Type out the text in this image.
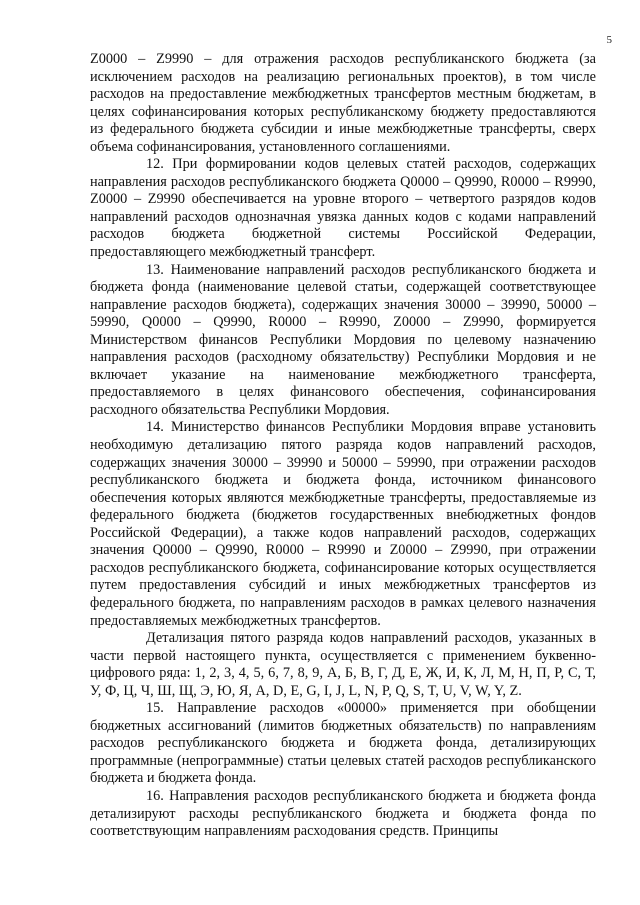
5

Z0000 – Z9990 – для отражения расходов республиканского бюджета (за исключением расходов на реализацию региональных проектов), в том числе расходов на предоставление межбюджетных трансфертов местным бюджетам, в целях софинансирования которых республиканскому бюджету предоставляются из федерального бюджета субсидии и иные межбюджетные трансферты, сверх объема софинансирования, установленного соглашениями.

12. При формировании кодов целевых статей расходов, содержащих направления расходов республиканского бюджета Q0000 – Q9990, R0000 – R9990, Z0000 – Z9990 обеспечивается на уровне второго – четвертого разрядов кодов направлений расходов однозначная увязка данных кодов с кодами направлений расходов бюджета бюджетной системы Российской Федерации, предоставляющего межбюджетный трансферт.

13. Наименование направлений расходов республиканского бюджета и бюджета фонда (наименование целевой статьи, содержащей соответствующее направление расходов бюджета), содержащих значения 30000 – 39990, 50000 – 59990, Q0000 – Q9990, R0000 – R9990, Z0000 – Z9990, формируется Министерством финансов Республики Мордовия по целевому назначению направления расходов (расходному обязательству) Республики Мордовия и не включает указание на наименование межбюджетного трансферта, предоставляемого в целях финансового обеспечения, софинансирования расходного обязательства Республики Мордовия.

14. Министерство финансов Республики Мордовия вправе установить необходимую детализацию пятого разряда кодов направлений расходов, содержащих значения 30000 – 39990 и 50000 – 59990, при отражении расходов республиканского бюджета и бюджета фонда, источником финансового обеспечения которых являются межбюджетные трансферты, предоставляемые из федерального бюджета (бюджетов государственных внебюджетных фондов Российской Федерации), а также кодов направлений расходов, содержащих значения Q0000 – Q9990, R0000 – R9990 и Z0000 – Z9990, при отражении расходов республиканского бюджета, софинансирование которых осуществляется путем предоставления субсидий и иных межбюджетных трансфертов из федерального бюджета, по направлениям расходов в рамках целевого назначения предоставляемых межбюджетных трансфертов.

Детализация пятого разряда кодов направлений расходов, указанных в части первой настоящего пункта, осуществляется с применением буквенно-цифрового ряда: 1, 2, 3, 4, 5, 6, 7, 8, 9, А, Б, В, Г, Д, Е, Ж, И, К, Л, М, Н, П, Р, С, Т, У, Ф, Ц, Ч, Ш, Щ, Э, Ю, Я, A, D, E, G, I, J, L, N, P, Q, S, T, U, V, W, Y, Z.

15. Направление расходов «00000» применяется при обобщении бюджетных ассигнований (лимитов бюджетных обязательств) по направлениям расходов республиканского бюджета и бюджета фонда, детализирующих программные (непрограммные) статьи целевых статей расходов республиканского бюджета и бюджета фонда.

16. Направления расходов республиканского бюджета и бюджета фонда детализируют расходы республиканского бюджета и бюджета фонда по соответствующим направлениям расходования средств. Принципы
